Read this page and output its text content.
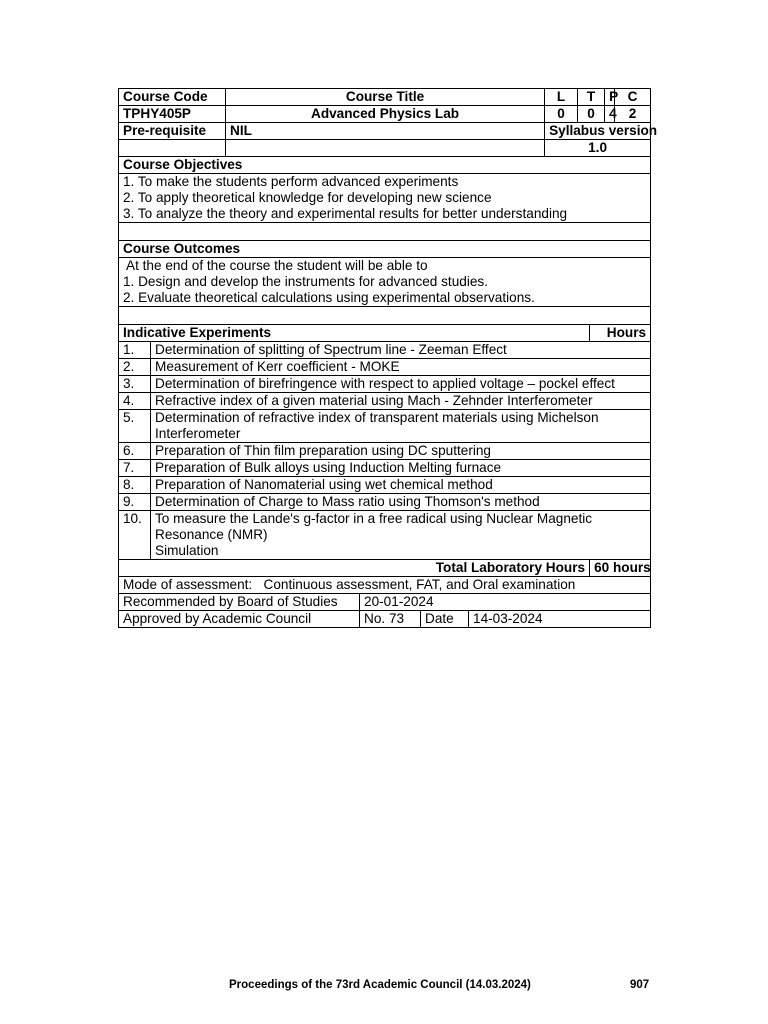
Course Code		Course Title				L	T		P	C
TPHY405P		Advanced Physics Lab				0	0		4	2
Pre-requisite		NIL				Syllabus version				
						1.0				
Course Objectives										

1. To make the students perform advanced experiments
2. To apply theoretical knowledge for developing new science
3. To analyze the theory and experimental results for better understanding										

Course Outcomes										

At the end of the course the student will be able to
1. Design and develop the instruments for advanced studies.
2. Evaluate theoretical calculations using experimental observations.										

Indicative Experiments								Hours		
1.	Determination of splitting of Spectrum line - Zeeman Effect									
2.	Measurement of Kerr coefficient - MOKE									
3.	Determination of birefringence with respect to applied voltage – pockel effect									
4.	Refractive index of a given material using Mach - Zehnder Interferometer									
5.	Determination of refractive index of transparent materials using Michelson Interferometer									
6.	Preparation of Thin film preparation using DC sputtering									
7.	Preparation of Bulk alloys using Induction Melting furnace									
8.	Preparation of Nanomaterial using wet chemical method									
9.	Determination of Charge to Mass ratio using Thomson's method									
10.	To measure the Lande's g-factor in a free radical using Nuclear Magnetic Resonance (NMR)
Simulation									

Total Laboratory Hours								60 hours		
Mode of assessment:   Continuous assessment, FAT, and Oral examination										
Recommended by Board of Studies			20-01-2024							
Approved by Academic Council			No. 73	Date	14-03-2024					
Proceedings of the 73rd Academic Council (14.03.2024)	907
